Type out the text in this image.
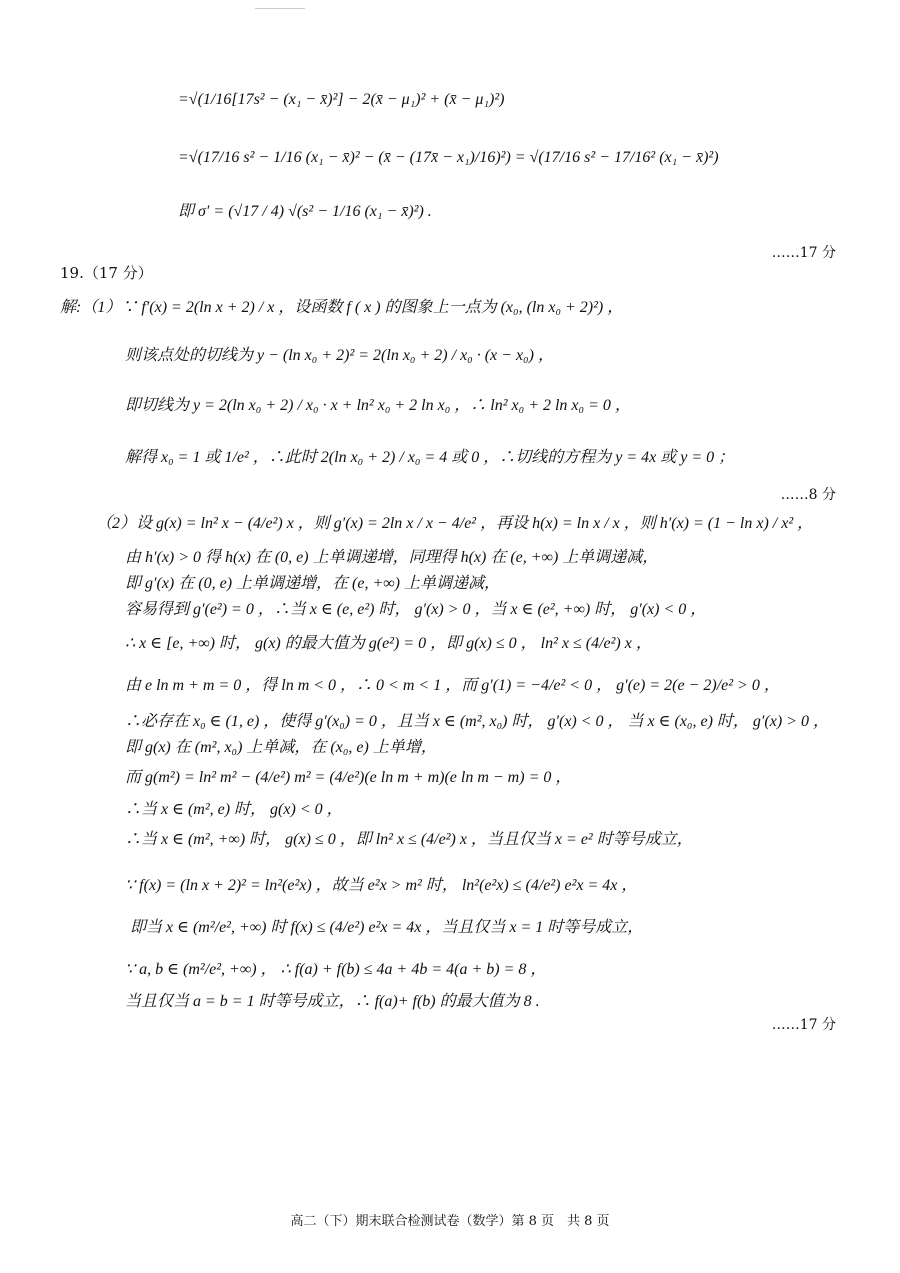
=√(1/16[17s² − (x₁ − x̄)²] − 2(x̄ − μ₁)² + (x̄ − μ₁)²)
=√(17/16 s² − 1/16 (x₁ − x̄)² − (x̄ − (17x̄ − x₁)/16)²) = √(17/16 s² − 17/16² (x₁ − x̄)²)
即 σ′ = (√17 / 4) √(s² − 1/16 (x₁ − x̄)²) .
……17 分
19.（17 分）
解:（1）∵ f′(x) = 2(ln x + 2) / x ，设函数 f ( x ) 的图象上一点为 (x₀, (ln x₀ + 2)²) ，
则该点处的切线为 y − (ln x₀ + 2)² = 2(ln x₀ + 2) / x₀ · (x − x₀) ，
即切线为 y = 2(ln x₀ + 2) / x₀ · x + ln² x₀ + 2 ln x₀ ，∴ ln² x₀ + 2 ln x₀ = 0 ，
解得 x₀ = 1 或 1/e² ，∴此时 2(ln x₀ + 2) / x₀ = 4 或 0 ，∴切线的方程为 y = 4x 或 y = 0 ；
……8 分
（2）设 g(x) = ln² x − (4/e²) x ，则 g′(x) = 2ln x / x − 4/e² ，再设 h(x) = ln x / x ，则 h′(x) = (1 − ln x) / x² ，
由 h′(x) > 0 得 h(x) 在 (0, e) 上单调递增，同理得 h(x) 在 (e, +∞) 上单调递减，
即 g′(x) 在 (0, e) 上单调递增，在 (e, +∞) 上单调递减，
容易得到 g′(e²) = 0 ，∴当 x ∈ (e, e²) 时， g′(x) > 0 ，当 x ∈ (e², +∞) 时， g′(x) < 0 ，
∴ x ∈ [e, +∞) 时， g(x) 的最大值为 g(e²) = 0 ，即 g(x) ≤ 0 ， ln² x ≤ (4/e²) x ，
由 e ln m + m = 0 ，得 ln m < 0 ，∴ 0 < m < 1 ，而 g′(1) = −4/e² < 0 ， g′(e) = 2(e − 2)/e² > 0 ，
∴必存在 x₀ ∈ (1, e) ，使得 g′(x₀) = 0 ，且当 x ∈ (m², x₀) 时， g′(x) < 0 ， 当 x ∈ (x₀, e) 时， g′(x) > 0 ，
即 g(x) 在 (m², x₀) 上单减，在 (x₀, e) 上单增，
而 g(m²) = ln² m² − (4/e²) m² = (4/e²)(e ln m + m)(e ln m − m) = 0 ，
∴当 x ∈ (m², e) 时， g(x) < 0 ，
∴当 x ∈ (m², +∞) 时， g(x) ≤ 0 ，即 ln² x ≤ (4/e²) x ，当且仅当 x = e² 时等号成立，
∵ f(x) = (ln x + 2)² = ln²(e²x) ，故当 e²x > m² 时， ln²(e²x) ≤ (4/e²) e²x = 4x ，
即当 x ∈ (m²/e², +∞) 时 f(x) ≤ (4/e²) e²x = 4x ，当且仅当 x = 1 时等号成立，
∵ a, b ∈ (m²/e², +∞) ， ∴ f(a) + f(b) ≤ 4a + 4b = 4(a + b) = 8 ，
当且仅当 a = b = 1 时等号成立，∴ f(a)+ f(b) 的最大值为 8 .
……17 分
高二（下）期末联合检测试卷（数学）第 8 页　共 8 页
